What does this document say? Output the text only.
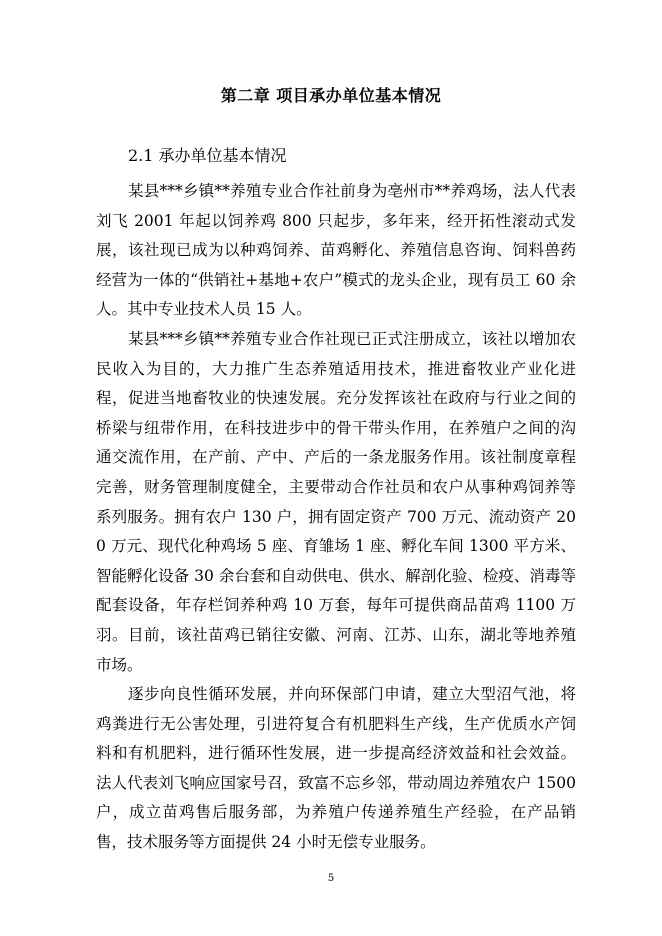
第二章 项目承办单位基本情况
2.1 承办单位基本情况

某县***乡镇**养殖专业合作社前身为亳州市**养鸡场，法人代表刘飞 2001 年起以饲养鸡 800 只起步，多年来，经开拓性滚动式发展，该社现已成为以种鸡饲养、苗鸡孵化、养殖信息咨询、饲料兽药经营为一体的“供销社+基地+农户”模式的龙头企业，现有员工 60 余人。其中专业技术人员 15 人。

某县***乡镇**养殖专业合作社现已正式注册成立，该社以增加农民收入为目的，大力推广生态养殖适用技术，推进畜牧业产业化进程，促进当地畜牧业的快速发展。充分发挥该社在政府与行业之间的桥梁与纽带作用，在科技进步中的骨干带头作用，在养殖户之间的沟通交流作用，在产前、产中、产后的一条龙服务作用。该社制度章程完善，财务管理制度健全，主要带动合作社员和农户从事种鸡饲养等系列服务。拥有农户 130 户，拥有固定资产 700 万元、流动资产 200 万元、现代化种鸡场 5 座、育雏场 1 座、孵化车间 1300 平方米、智能孵化设备 30 余台套和自动供电、供水、解剖化验、检疫、消毒等配套设备，年存栏饲养种鸡 10 万套，每年可提供商品苗鸡 1100 万羽。目前，该社苗鸡已销往安徽、河南、江苏、山东，湖北等地养殖市场。

逐步向良性循环发展，并向环保部门申请，建立大型沼气池，将鸡粪进行无公害处理，引进符复合有机肥料生产线，生产优质水产饲料和有机肥料，进行循环性发展，进一步提高经济效益和社会效益。法人代表刘飞响应国家号召，致富不忘乡邻，带动周边养殖农户 1500 户，成立苗鸡售后服务部，为养殖户传递养殖生产经验，在产品销售，技术服务等方面提供 24 小时无偿专业服务。

5
